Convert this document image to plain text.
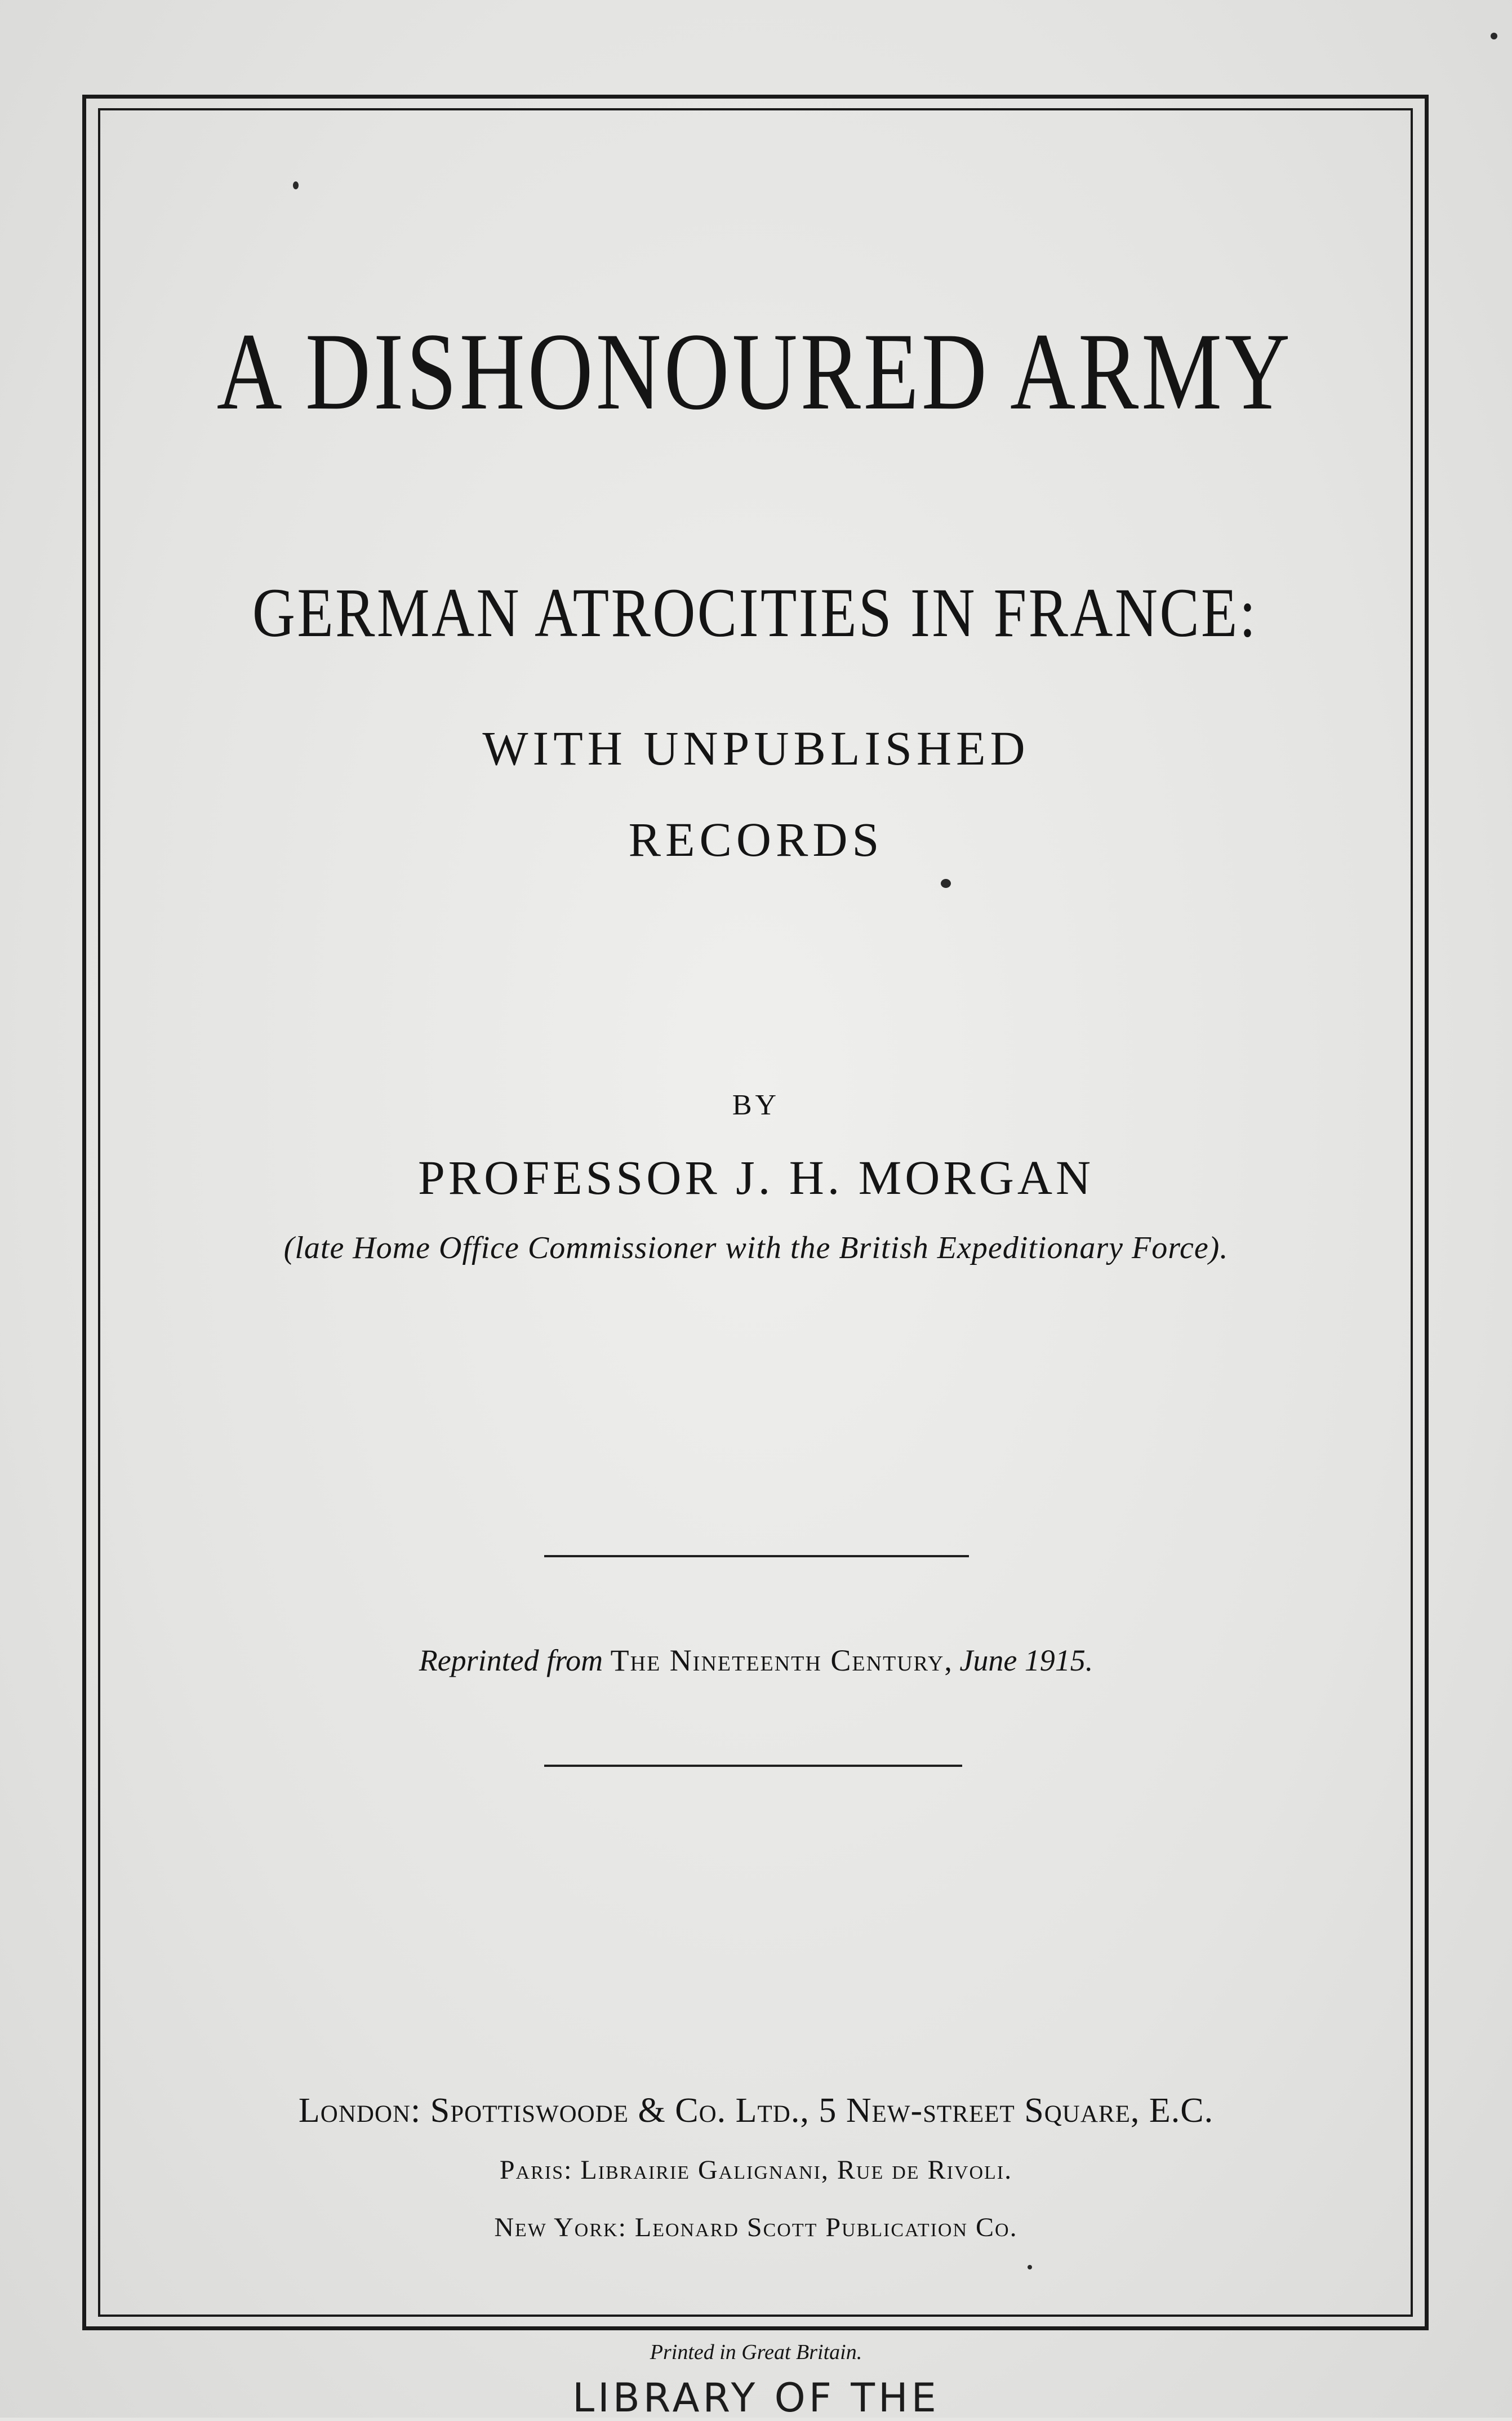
A DISHONOURED ARMY
GERMAN ATROCITIES IN FRANCE:
WITH UNPUBLISHED
RECORDS
BY
PROFESSOR J. H. MORGAN
(late Home Office Commissioner with the British Expeditionary Force).
Reprinted from The Nineteenth Century, June 1915.
London: Spottiswoode & Co. Ltd., 5 New-street Square, E.C.
Paris: Librairie Galignani, Rue de Rivoli.
New York: Leonard Scott Publication Co.
Printed in Great Britain.
LIBRARY OF THE
